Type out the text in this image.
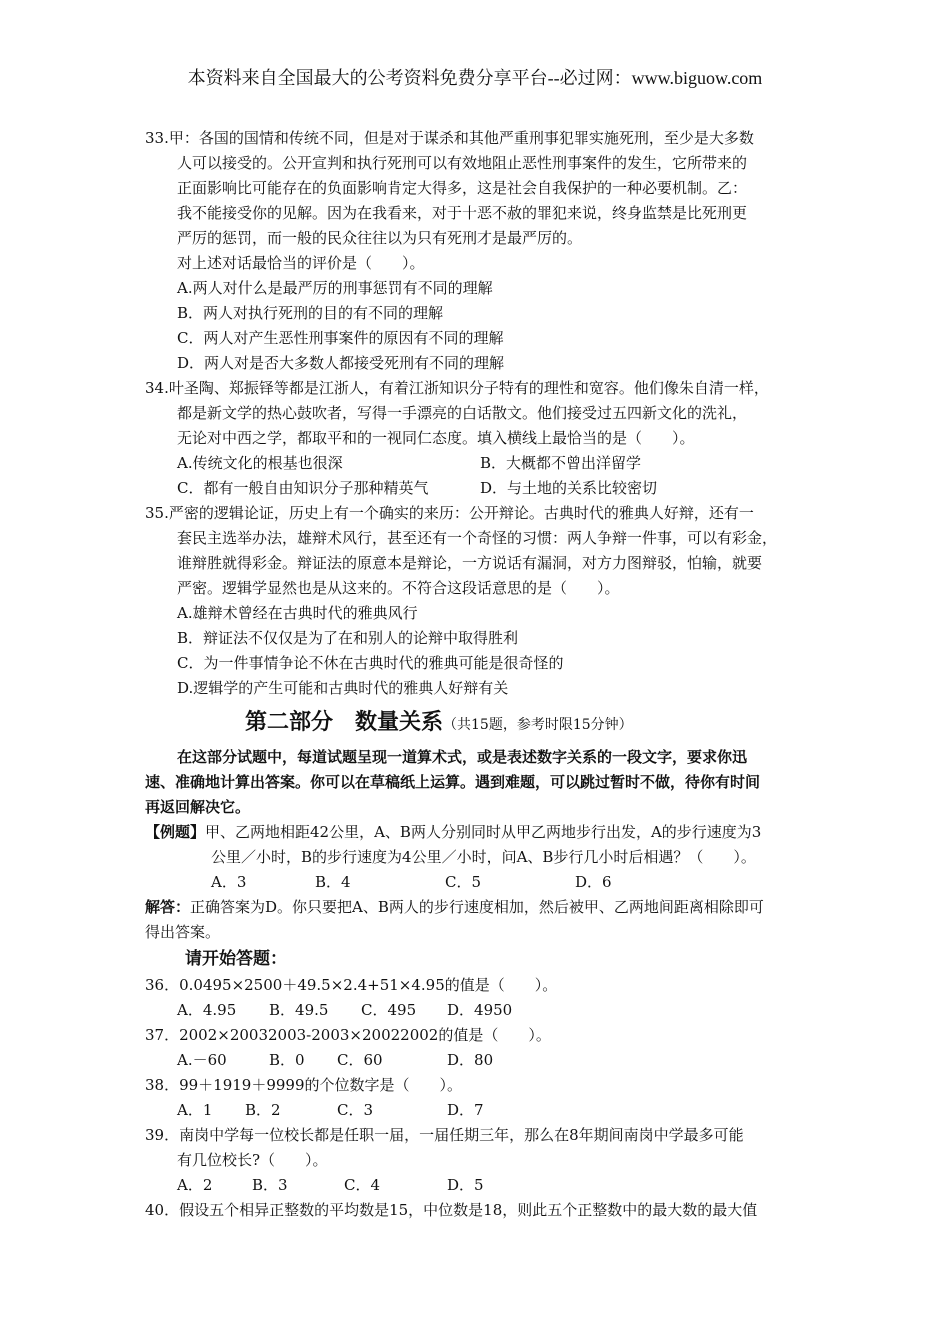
本资料来自全国最大的公考资料免费分享平台--必过网：www.biguow.com
33.甲：各国的国情和传统不同，但是对于谋杀和其他严重刑事犯罪实施死刑，至少是大多数
人可以接受的。公开宣判和执行死刑可以有效地阻止恶性刑事案件的发生，它所带来的
正面影响比可能存在的负面影响肯定大得多，这是社会自我保护的一种必要机制。乙：
我不能接受你的见解。因为在我看来，对于十恶不赦的罪犯来说，终身监禁是比死刑更
严厉的惩罚，而一般的民众往往以为只有死刑才是最严厉的。
对上述对话最恰当的评价是（　　）。
A.两人对什么是最严厉的刑事惩罚有不同的理解
B．两人对执行死刑的目的有不同的理解
C．两人对产生恶性刑事案件的原因有不同的理解
D．两人对是否大多数人都接受死刑有不同的理解
34.叶圣陶、郑振铎等都是江浙人，有着江浙知识分子特有的理性和宽容。他们像朱自清一样，
都是新文学的热心鼓吹者，写得一手漂亮的白话散文。他们接受过五四新文化的洗礼，
无论对中西之学，都取平和的一视同仁态度。填入横线上最恰当的是（　　）。
A.传统文化的根基也很深	B．大概都不曾出洋留学
C．都有一般自由知识分子那种精英气	D．与土地的关系比较密切
35.严密的逻辑论证，历史上有一个确实的来历：公开辩论。古典时代的雅典人好辩，还有一
套民主选举办法，雄辩术风行，甚至还有一个奇怪的习惯：两人争辩一件事，可以有彩金，
谁辩胜就得彩金。辩证法的原意本是辩论，一方说话有漏洞，对方力图辩驳，怕输，就要
严密。逻辑学显然也是从这来的。不符合这段话意思的是（　　）。
A.雄辩术曾经在古典时代的雅典风行
B．辩证法不仅仅是为了在和别人的论辩中取得胜利
C．为一件事情争论不休在古典时代的雅典可能是很奇怪的
D.逻辑学的产生可能和古典时代的雅典人好辩有关
第二部分　数量关系（共15题，参考时限15分钟）
在这部分试题中，每道试题呈现一道算术式，或是表述数字关系的一段文字，要求你迅
速、准确地计算出答案。你可以在草稿纸上运算。遇到难题，可以跳过暂时不做，待你有时间
再返回解决它。
【例题】甲、乙两地相距42公里，A、B两人分别同时从甲乙两地步行出发，A的步行速度为3
公里／小时，B的步行速度为4公里／小时，问A、B步行几小时后相遇？（　　）。
A．3	B．4	C．5	D．6
解答：正确答案为D。你只要把A、B两人的步行速度相加，然后被甲、乙两地间距离相除即可
得出答案。
请开始答题：
36．0.0495×2500＋49.5×2.4+51×4.95的值是（　　）。
A．4.95 B．49.5 C．495 D．4950
37．2002×20032003-2003×20022002的值是（　　）。
A.－60	B．0 C．60	D．80
38．99＋1919＋9999的个位数字是（　　）。
A．1 B．2	C．3	D．7
39．南岗中学每一位校长都是任职一届，一届任期三年，那么在8年期间南岗中学最多可能
有几位校长?（　　）。
A．2	B．3	C．4	D．5
40．假设五个相异正整数的平均数是15，中位数是18，则此五个正整数中的最大数的最大值
